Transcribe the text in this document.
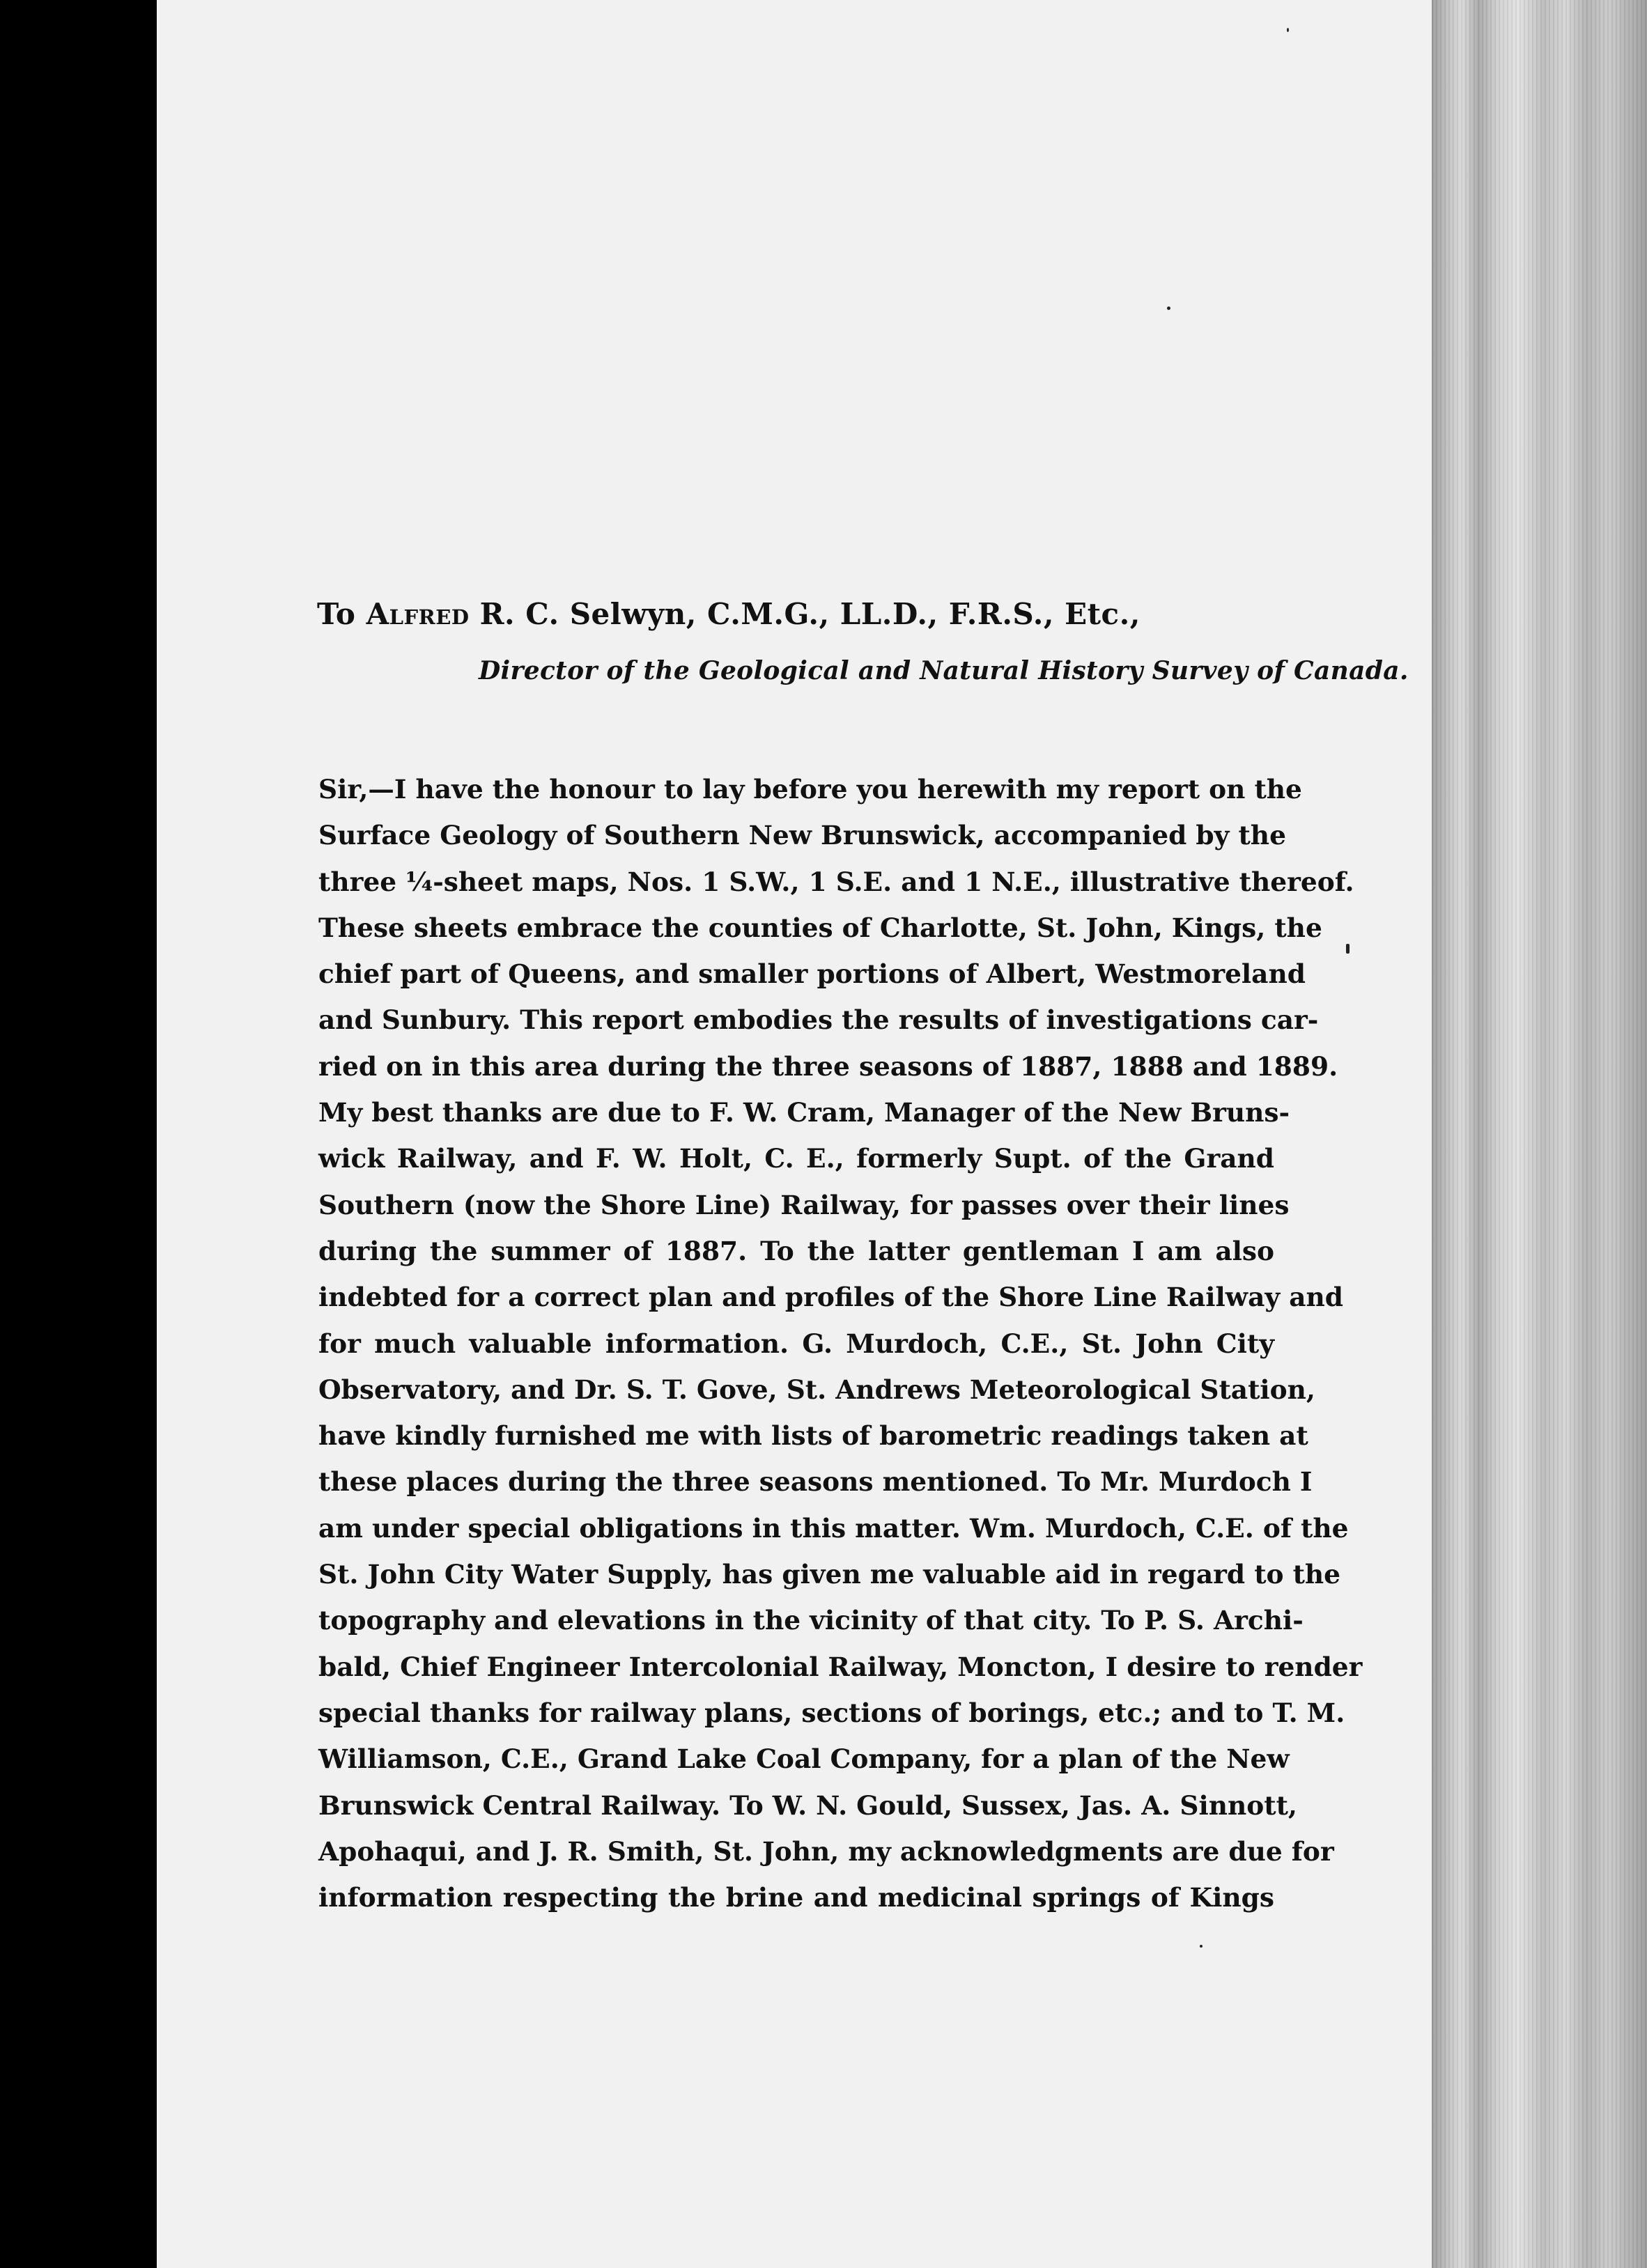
To Alfred R. C. Selwyn, C.M.G., LL.D., F.R.S., Etc.,
Director of the Geological and Natural History Survey of Canada.
Sir,—I have the honour to lay before you herewith my report on the
Surface Geology of Southern New Brunswick, accompanied by the
three ¼-sheet maps, Nos. 1 S.W., 1 S.E. and 1 N.E., illustrative thereof.
These sheets embrace the counties of Charlotte, St. John, Kings, the
chief part of Queens, and smaller portions of Albert, Westmoreland
and Sunbury. This report embodies the results of investigations car-
ried on in this area during the three seasons of 1887, 1888 and 1889.
My best thanks are due to F. W. Cram, Manager of the New Bruns-
wick Railway, and F. W. Holt, C. E., formerly Supt. of the Grand
Southern (now the Shore Line) Railway, for passes over their lines
during the summer of 1887. To the latter gentleman I am also
indebted for a correct plan and profiles of the Shore Line Railway and
for much valuable information. G. Murdoch, C.E., St. John City
Observatory, and Dr. S. T. Gove, St. Andrews Meteorological Station,
have kindly furnished me with lists of barometric readings taken at
these places during the three seasons mentioned. To Mr. Murdoch I
am under special obligations in this matter. Wm. Murdoch, C.E. of the
St. John City Water Supply, has given me valuable aid in regard to the
topography and elevations in the vicinity of that city. To P. S. Archi-
bald, Chief Engineer Intercolonial Railway, Moncton, I desire to render
special thanks for railway plans, sections of borings, etc.; and to T. M.
Williamson, C.E., Grand Lake Coal Company, for a plan of the New
Brunswick Central Railway. To W. N. Gould, Sussex, Jas. A. Sinnott,
Apohaqui, and J. R. Smith, St. John, my acknowledgments are due for
information respecting the brine and medicinal springs of Kings
